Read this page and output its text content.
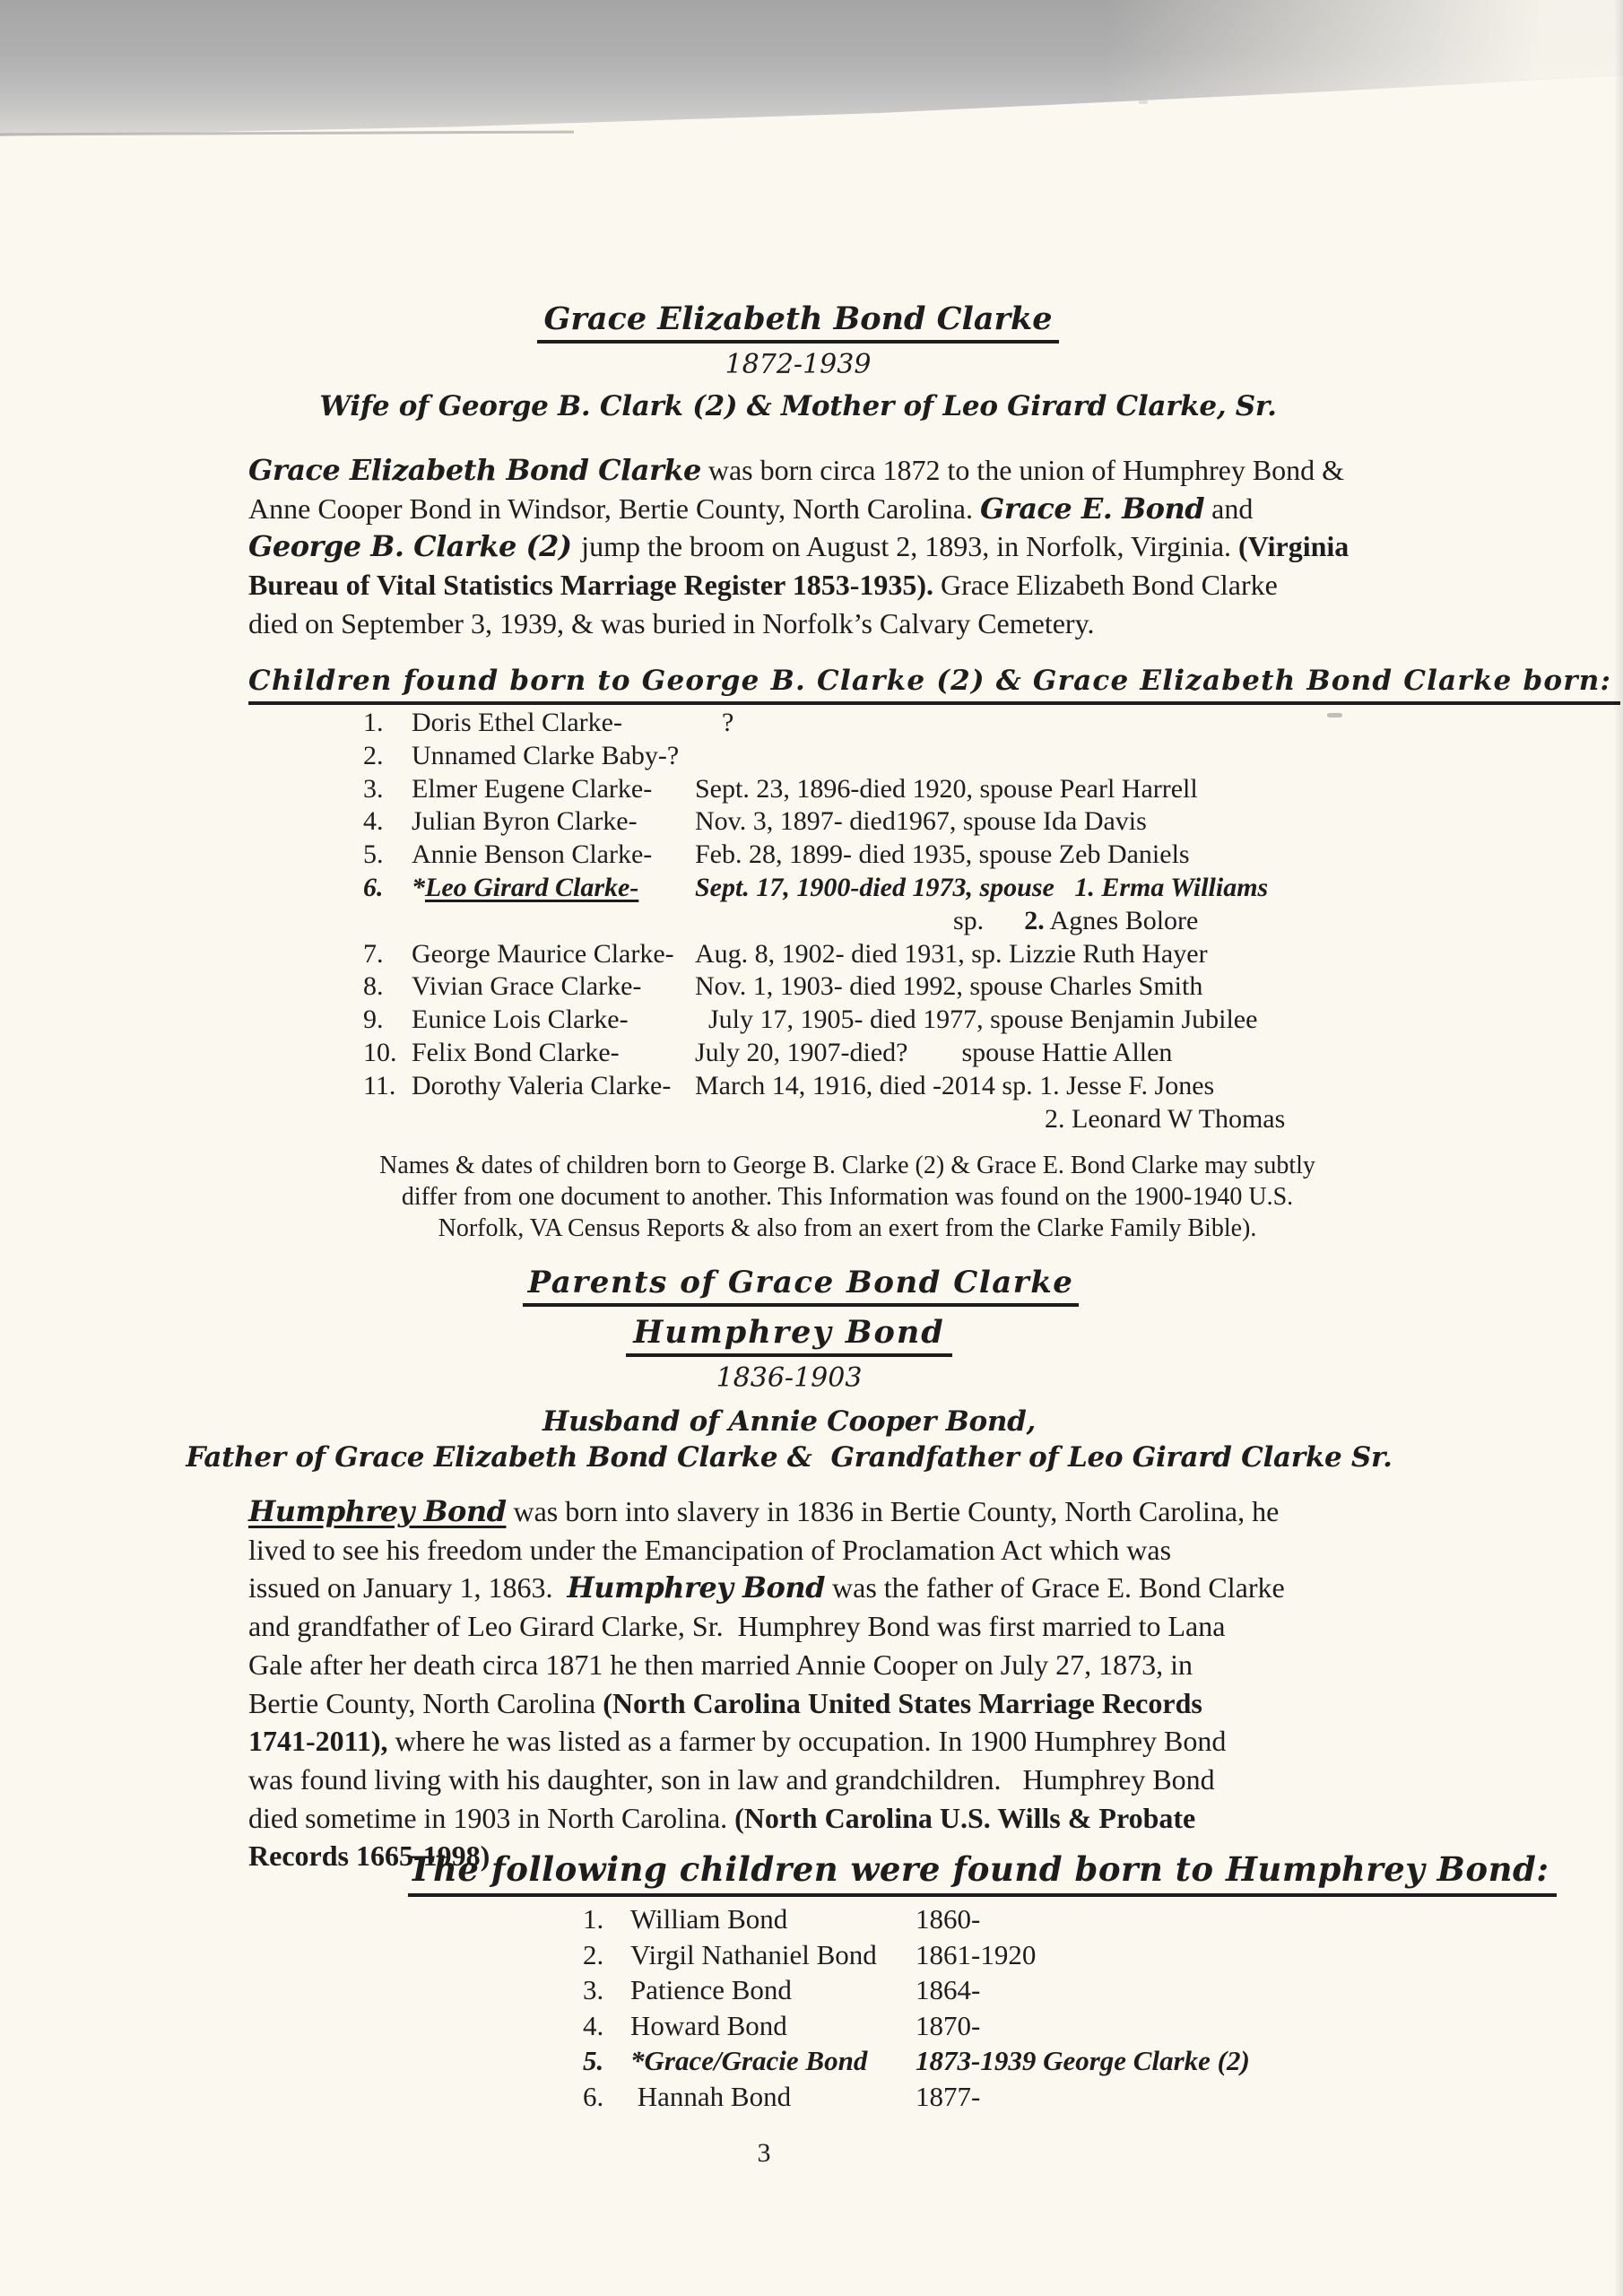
Grace Elizabeth Bond Clarke
1872-1939
Wife of George B. Clark (2) & Mother of Leo Girard Clarke, Sr.
Grace Elizabeth Bond Clarke was born circa 1872 to the union of Humphrey Bond &
Anne Cooper Bond in Windsor, Bertie County, North Carolina. Grace E. Bond and
George B. Clarke (2) jump the broom on August 2, 1893, in Norfolk, Virginia. (Virginia
Bureau of Vital Statistics Marriage Register 1853-1935). Grace Elizabeth Bond Clarke
died on September 3, 1939, & was buried in Norfolk’s Calvary Cemetery.
Children found born to George B. Clarke (2) & Grace Elizabeth Bond Clarke born:
1.	Doris Ethel Clarke-	?
2.	Unnamed Clarke Baby-?
3.	Elmer Eugene Clarke-	Sept. 23, 1896-died 1920, spouse Pearl Harrell
4.	Julian Byron Clarke-	Nov. 3, 1897- died1967, spouse Ida Davis
5.	Annie Benson Clarke-	Feb. 28, 1899- died 1935, spouse Zeb Daniels
6.	*Leo Girard Clarke-	Sept. 17, 1900-died 1973, spouse   1. Erma Williams
sp.      2. Agnes Bolore
7.	George Maurice Clarke- Aug. 8, 1902- died 1931, sp. Lizzie Ruth Hayer
8.	Vivian Grace Clarke-	Nov. 1, 1903- died 1992, spouse Charles Smith
9.	Eunice Lois Clarke-	July 17, 1905- died 1977, spouse Benjamin Jubilee
10. Felix Bond Clarke-	July 20, 1907-died?        spouse Hattie Allen
11. Dorothy Valeria Clarke- March 14, 1916, died -2014 sp. 1. Jesse F. Jones
2. Leonard W Thomas
Names & dates of children born to George B. Clarke (2) & Grace E. Bond Clarke may subtly
differ from one document to another. This Information was found on the 1900-1940 U.S.
Norfolk, VA Census Reports & also from an exert from the Clarke Family Bible).
Parents of Grace Bond Clarke
Humphrey Bond
1836-1903
Husband of Annie Cooper Bond,
Father of Grace Elizabeth Bond Clarke &  Grandfather of Leo Girard Clarke Sr.
Humphrey Bond was born into slavery in 1836 in Bertie County, North Carolina, he
lived to see his freedom under the Emancipation of Proclamation Act which was
issued on January 1, 1863.  Humphrey Bond was the father of Grace E. Bond Clarke
and grandfather of Leo Girard Clarke, Sr.  Humphrey Bond was first married to Lana
Gale after her death circa 1871 he then married Annie Cooper on July 27, 1873, in
Bertie County, North Carolina (North Carolina United States Marriage Records
1741-2011), where he was listed as a farmer by occupation. In 1900 Humphrey Bond
was found living with his daughter, son in law and grandchildren.   Humphrey Bond
died sometime in 1903 in North Carolina. (North Carolina U.S. Wills & Probate
Records 1665-1998)
The following children were found born to Humphrey Bond:
1. William Bond	1860-
2. Virgil Nathaniel Bond	1861-1920
3. Patience Bond	1864-
4. Howard Bond	1870-
5. *Grace/Gracie Bond	1873-1939 George Clarke (2)
6. Hannah Bond	1877-
3
